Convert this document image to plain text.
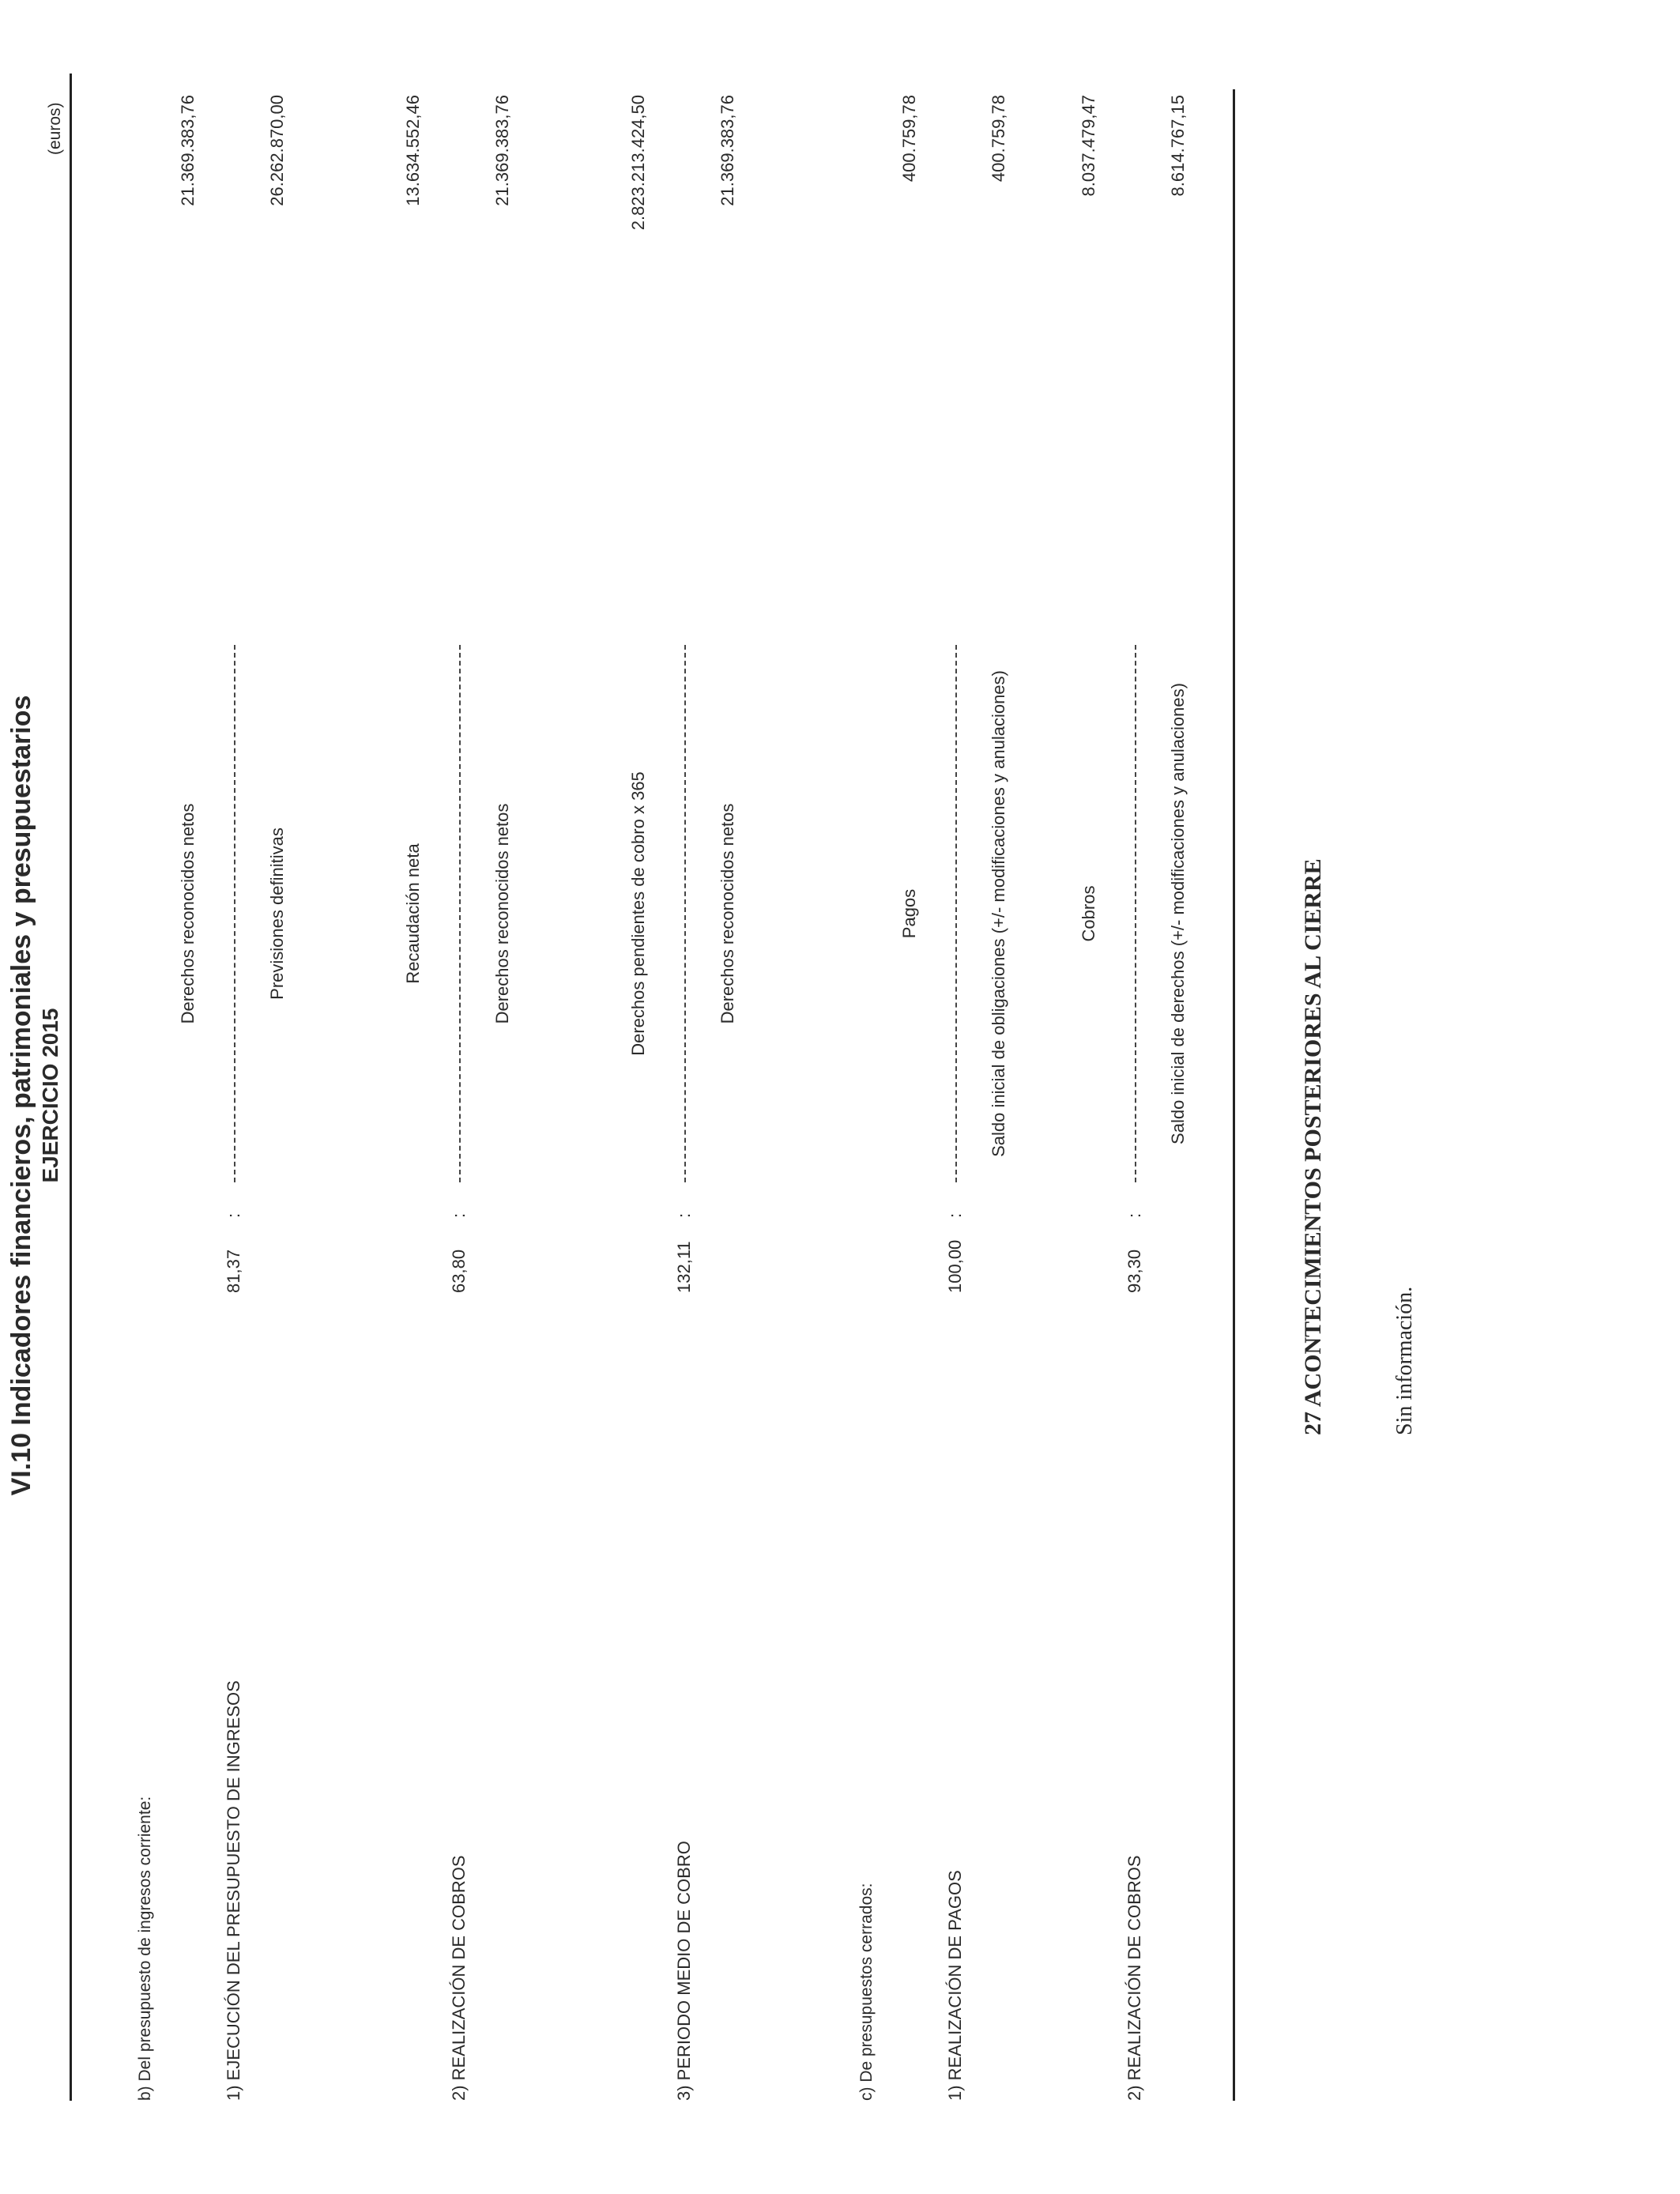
VI.10 Indicadores financieros, patrimoniales y presupuestarios EJERCICIO 2015
(euros)
b) Del presupuesto de ingresos corriente:	1) EJECUCIÓN DEL PRESUPUESTO DE INGRESOS
81,37
:
Derechos reconocidos netos	Previsiones definitivas
21.369.383,76	26.262.870,00
2) REALIZACIÓN DE COBROS
63,80
:
Recaudación neta	Derechos reconocidos netos
13.634.552,46	21.369.383,76
3) PERIODO MEDIO DE COBRO
132,11
:
Derechos pendientes de cobro x 365	Derechos reconocidos netos
2.823.213.424,50	21.369.383,76
c) De presupuestos cerrados:	1) REALIZACIÓN DE PAGOS
100,00
:
Pagos	Saldo inicial de obligaciones (+/- modificaciones y anulaciones)
400.759,78	400.759,78
2) REALIZACIÓN DE COBROS
93,30
:
Cobros	Saldo inicial de derechos (+/- modificaciones y anulaciones)
8.037.479,47	8.614.767,15
27 ACONTECIMIENTOS POSTERIORES AL CIERRE	Sin información.
